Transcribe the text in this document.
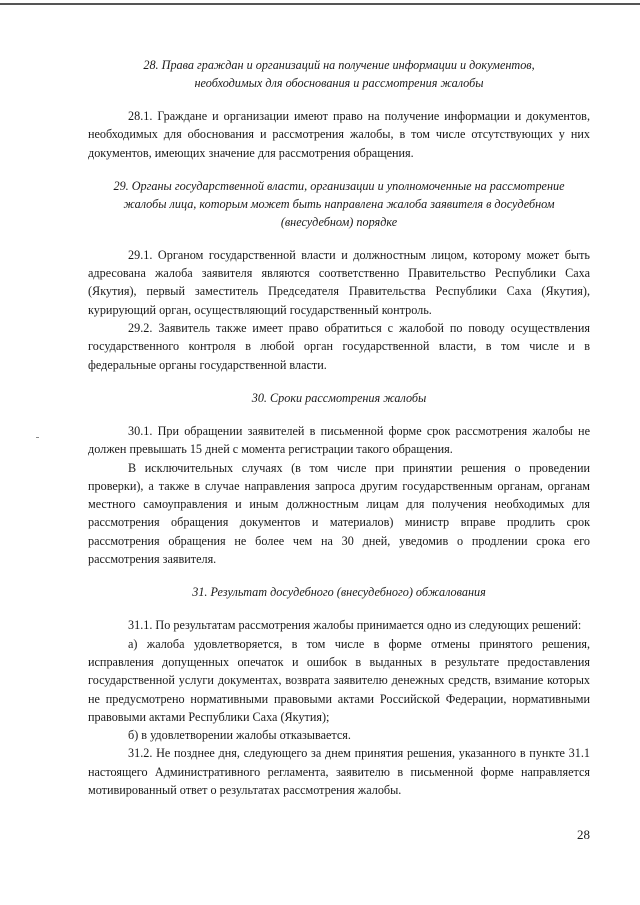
28. Права граждан и организаций на получение информации и документов,

необходимых для обоснования и рассмотрения жалобы

28.1. Граждане и организации имеют право на получение информации и документов, необходимых для обоснования и рассмотрения жалобы, в том числе отсутствующих у них документов, имеющих значение для рассмотрения обращения.

29. Органы государственной власти, организации и уполномоченные на рассмотрение

жалобы лица, которым может быть направлена жалоба заявителя в досудебном

(внесудебном) порядке

29.1. Органом государственной власти и должностным лицом, которому может быть адресована жалоба заявителя являются соответственно Правительство Республики Саха (Якутия), первый заместитель Председателя Правительства Республики Саха (Якутия), курирующий орган, осуществляющий государственный контроль.

29.2. Заявитель также имеет право обратиться с жалобой по поводу осуществления государственного контроля в любой орган государственной власти, в том числе и в федеральные органы государственной власти.

30. Сроки рассмотрения жалобы

30.1. При обращении заявителей в письменной форме срок рассмотрения жалобы не должен превышать 15 дней с момента регистрации такого обращения.

В исключительных случаях (в том числе при принятии решения о проведении проверки), а также в случае направления запроса другим государственным органам, органам местного самоуправления и иным должностным лицам для получения необходимых для рассмотрения обращения документов и материалов) министр вправе продлить срок рассмотрения обращения не более чем на 30 дней, уведомив о продлении срока его рассмотрения заявителя.

31. Результат досудебного (внесудебного) обжалования

31.1. По результатам рассмотрения жалобы принимается одно из следующих решений:

а) жалоба удовлетворяется, в том числе в форме отмены принятого решения, исправления допущенных опечаток и ошибок в выданных в результате предоставления государственной услуги документах, возврата заявителю денежных средств, взимание которых не предусмотрено нормативными правовыми актами Российской Федерации, нормативными правовыми актами Республики Саха (Якутия);

б) в удовлетворении жалобы отказывается.

31.2. Не позднее дня, следующего за днем принятия решения, указанного в пункте 31.1 настоящего Административного регламента, заявителю в письменной форме направляется мотивированный ответ о результатах рассмотрения жалобы.

28
